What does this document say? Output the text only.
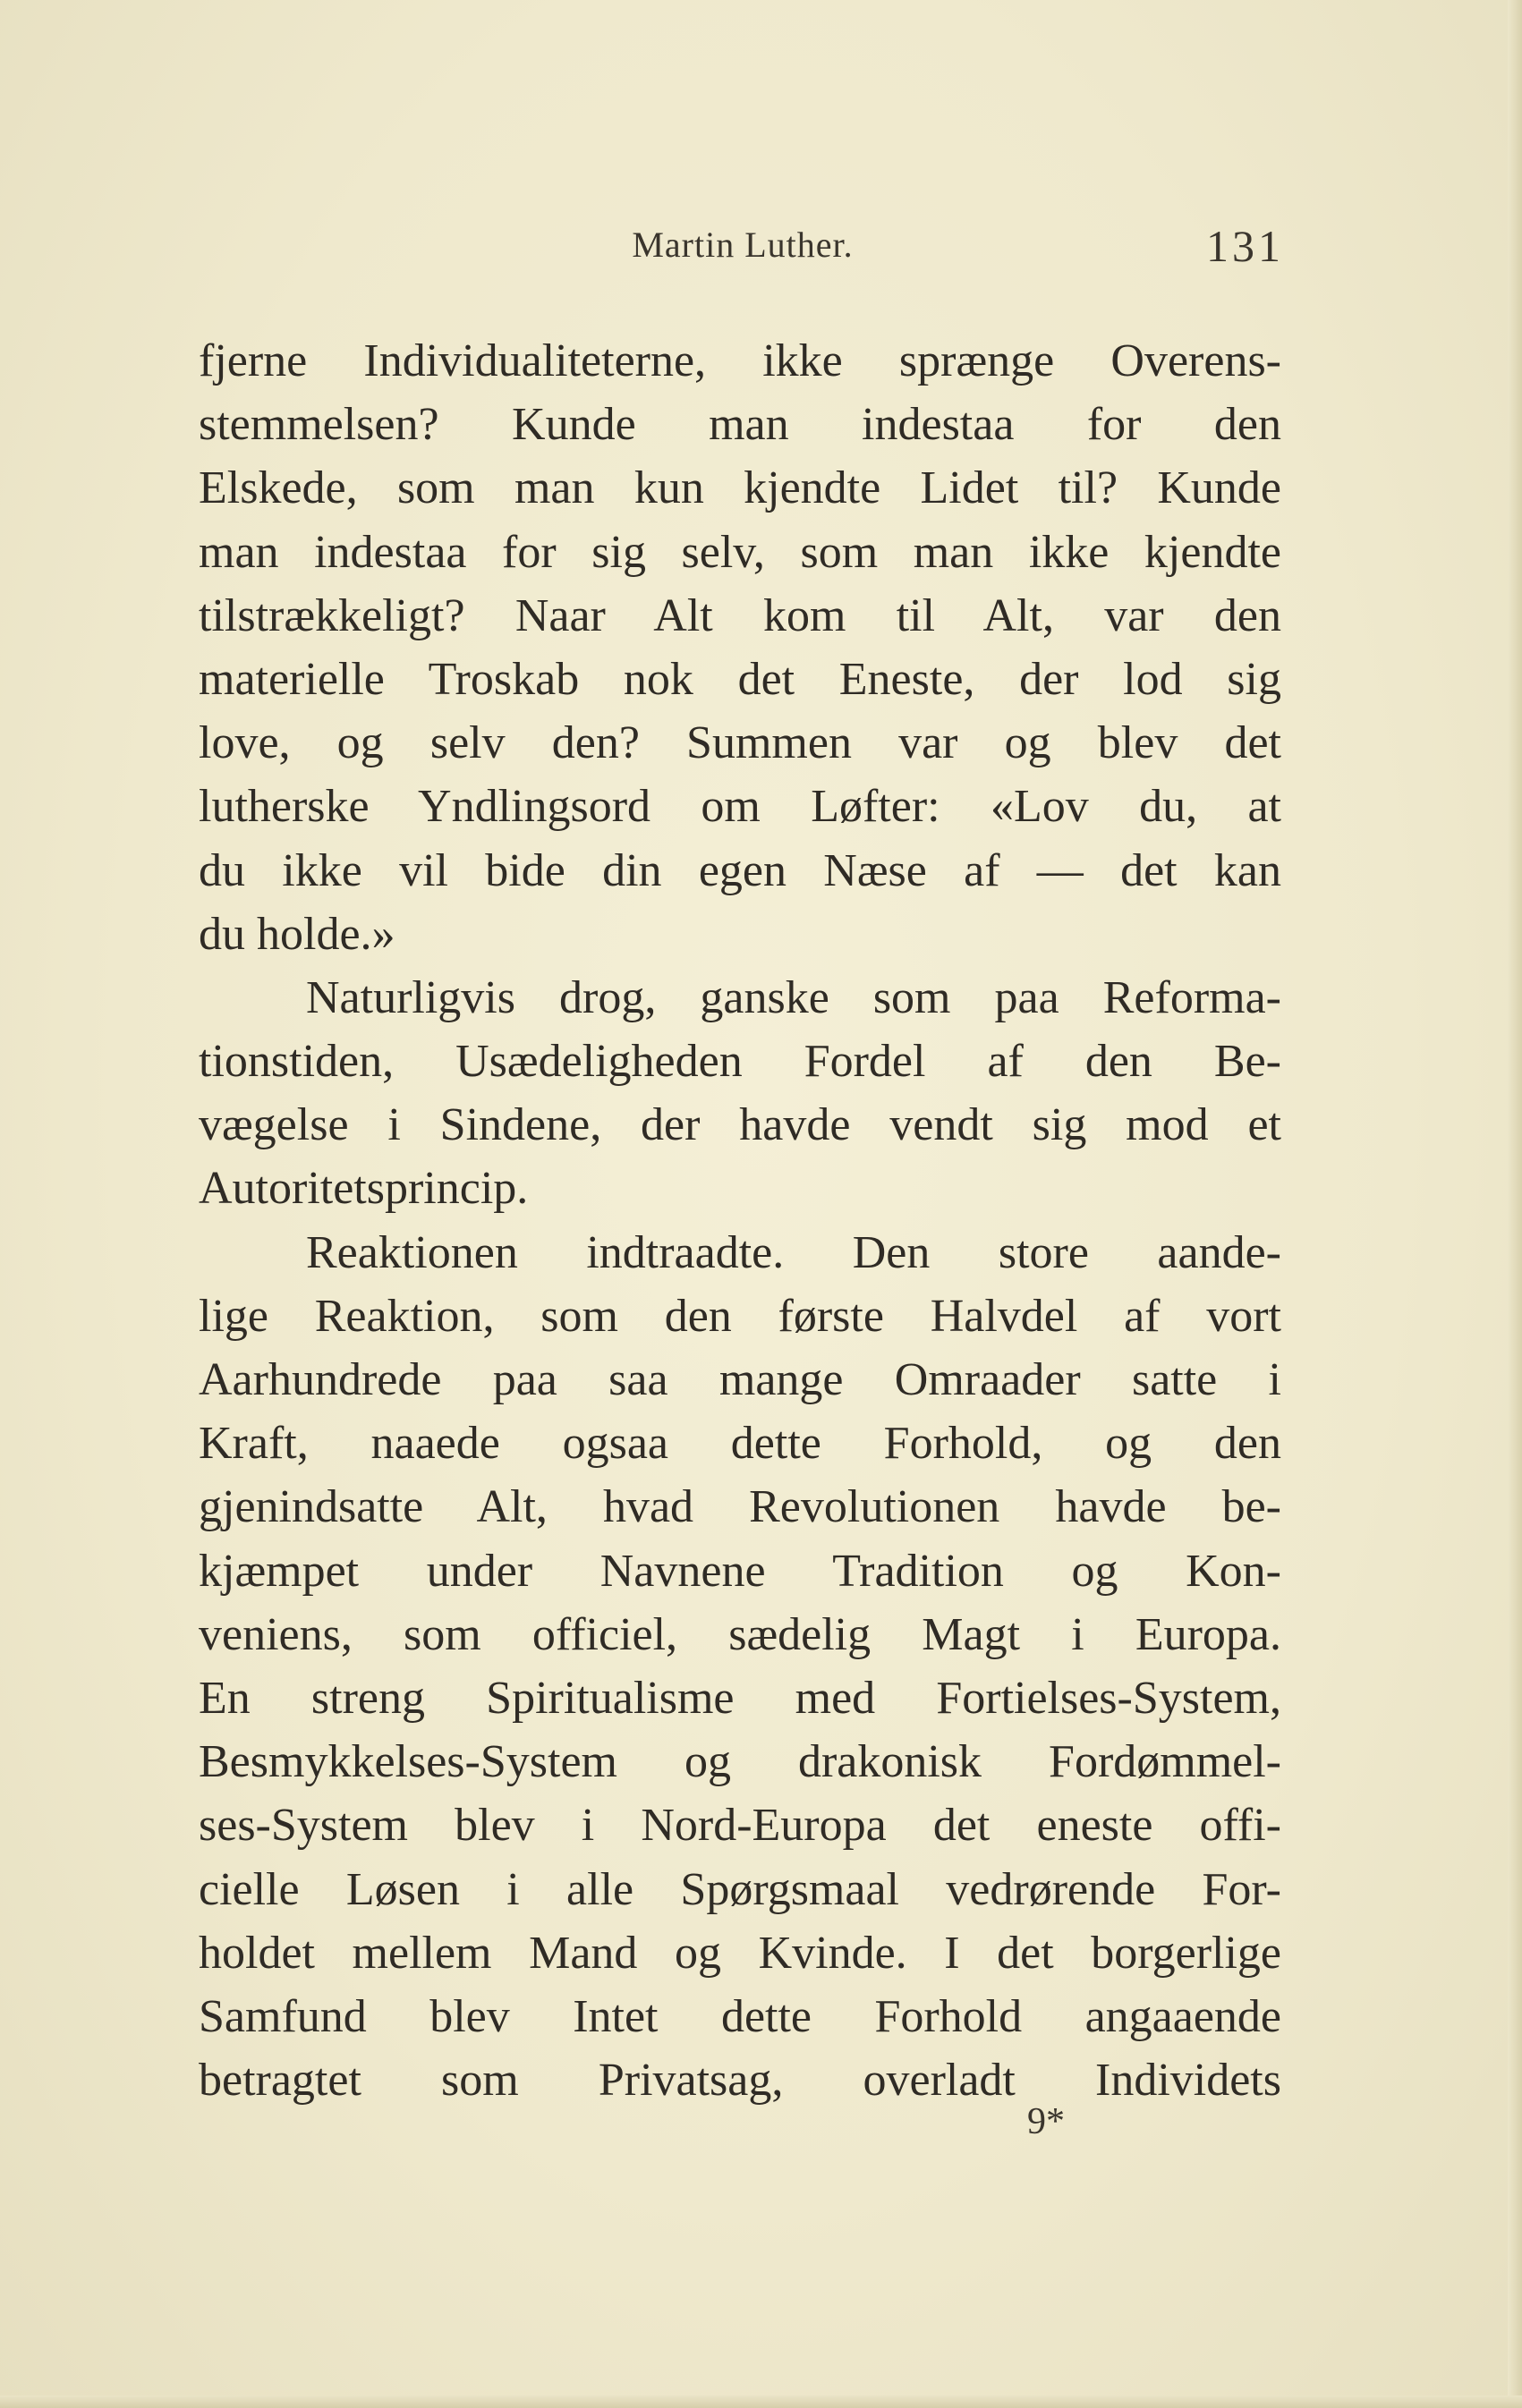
Martin Luther.	131
fjerne Individualiteterne, ikke sprænge Overens-
stemmelsen? Kunde man indestaa for den
Elskede, som man kun kjendte Lidet til? Kunde
man indestaa for sig selv, som man ikke kjendte
tilstrækkeligt? Naar Alt kom til Alt, var den
materielle Troskab nok det Eneste, der lod sig
love, og selv den? Summen var og blev det
lutherske Yndlingsord om Løfter: «Lov du, at
du ikke vil bide din egen Næse af — det kan
du holde.»
Naturligvis drog, ganske som paa Reforma-
tionstiden, Usædeligheden Fordel af den Be-
vægelse i Sindene, der havde vendt sig mod et
Autoritetsprincip.
Reaktionen indtraadte. Den store aande-
lige Reaktion, som den første Halvdel af vort
Aarhundrede paa saa mange Omraader satte i
Kraft, naaede ogsaa dette Forhold, og den
gjenindsatte Alt, hvad Revolutionen havde be-
kjæmpet under Navnene Tradition og Kon-
veniens, som officiel, sædelig Magt i Europa.
En streng Spiritualisme med Fortielses-System,
Besmykkelses-System og drakonisk Fordømmel-
ses-System blev i Nord-Europa det eneste offi-
cielle Løsen i alle Spørgsmaal vedrørende For-
holdet mellem Mand og Kvinde. I det borgerlige
Samfund blev Intet dette Forhold angaaende
betragtet som Privatsag, overladt Individets
9*
